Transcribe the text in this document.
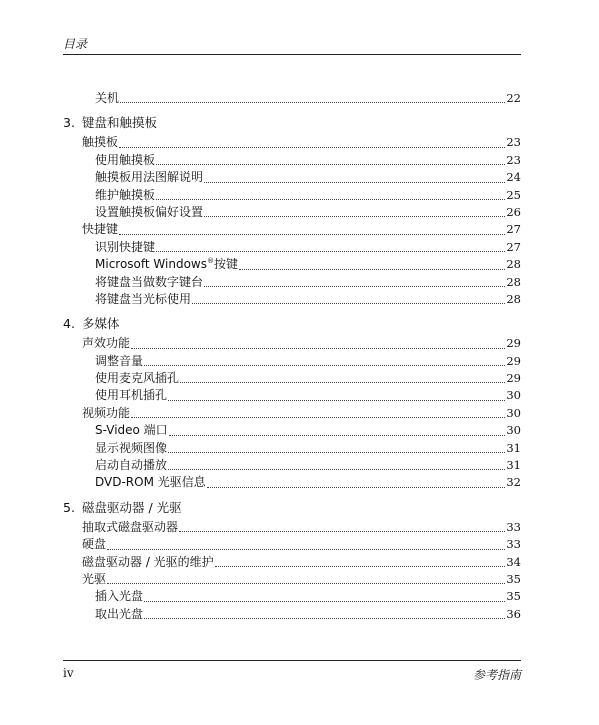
目录
关机	22
3. 键盘和触摸板
触摸板	23
使用触摸板	23
触摸板用法图解说明	24
维护触摸板	25
设置触摸板偏好设置	26
快捷键	27
识别快捷键	27
Microsoft Windows®按键	28
将键盘当做数字键台	28
将键盘当光标使用	28
4. 多媒体
声效功能	29
调整音量	29
使用麦克风插孔	29
使用耳机插孔	30
视频功能	30
S-Video 端口	30
显示视频图像	31
启动自动播放	31
DVD-ROM 光驱信息	32
5. 磁盘驱动器 / 光驱
抽取式磁盘驱动器	33
硬盘	33
磁盘驱动器 / 光驱的维护	34
光驱	35
插入光盘	35
取出光盘	36
iv	参考指南
